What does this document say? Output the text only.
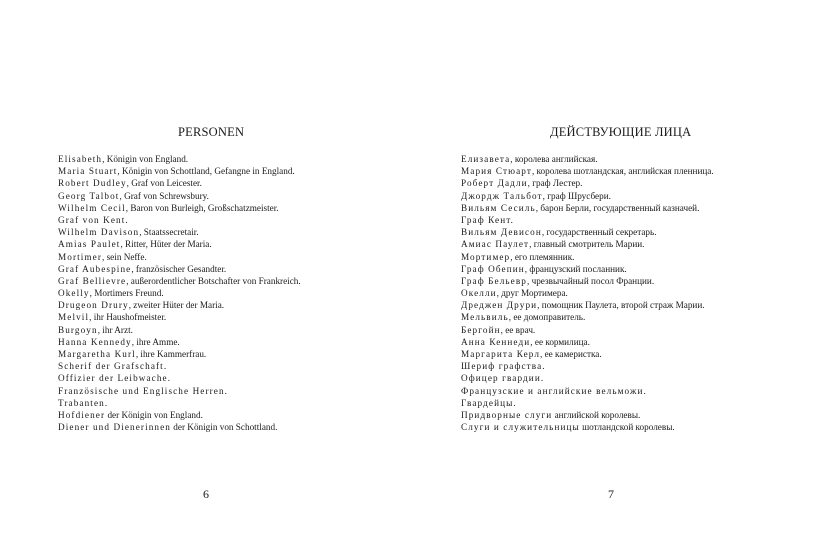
PERSONEN
Elisabeth, Königin von England.
Maria Stuart, Königin von Schottland, Gefangne in England.
Robert Dudley, Graf von Leicester.
Georg Talbot, Graf von Schrewsbury.
Wilhelm Cecil, Baron von Burleigh, Großschatzmeister.
Graf von Kent.
Wilhelm Davison, Staatssecretair.
Amias Paulet, Ritter, Hüter der Maria.
Mortimer, sein Neffe.
Graf Aubespine, französischer Gesandter.
Graf Bellievre, außerordentlicher Botschafter von Frankreich.
Okelly, Mortimers Freund.
Drugeon Drury, zweiter Hüter der Maria.
Melvil, ihr Haushofmeister.
Burgoyn, ihr Arzt.
Hanna Kennedy, ihre Amme.
Margaretha Kurl, ihre Kammerfrau.
Scherif der Grafschaft.
Offizier der Leibwache.
Französische und Englische Herren.
Trabanten.
Hofdiener der Königin von England.
Diener und Dienerinnen der Königin von Schottland.
6
ДЕЙСТВУЮЩИЕ ЛИЦА
Елизавета, королева английская.
Мария Стюарт, королева шотландская, английская пленница.
Роберт Дадли, граф Лестер.
Джордж Тальбот, граф Шрусбери.
Вильям Сесиль, барон Берли, государственный казначей.
Граф Кент.
Вильям Девисон, государственный секретарь.
Амиас Паулет, главный смотритель Марии.
Мортимер, его племянник.
Граф Обепин, французский посланник.
Граф Бельевр, чрезвычайный посол Франции.
Окелли, друг Мортимера.
Дреджен Друри, помощник Паулета, второй страж Марии.
Мельвиль, ее домоправитель.
Бергойн, ее врач.
Анна Кеннеди, ее кормилица.
Маргарита Керл, ее камеристка.
Шериф графства.
Офицер гвардии.
Французские и английские вельможи.
Гвардейцы.
Придворные слуги английской королевы.
Слуги и служительницы шотландской королевы.
7
